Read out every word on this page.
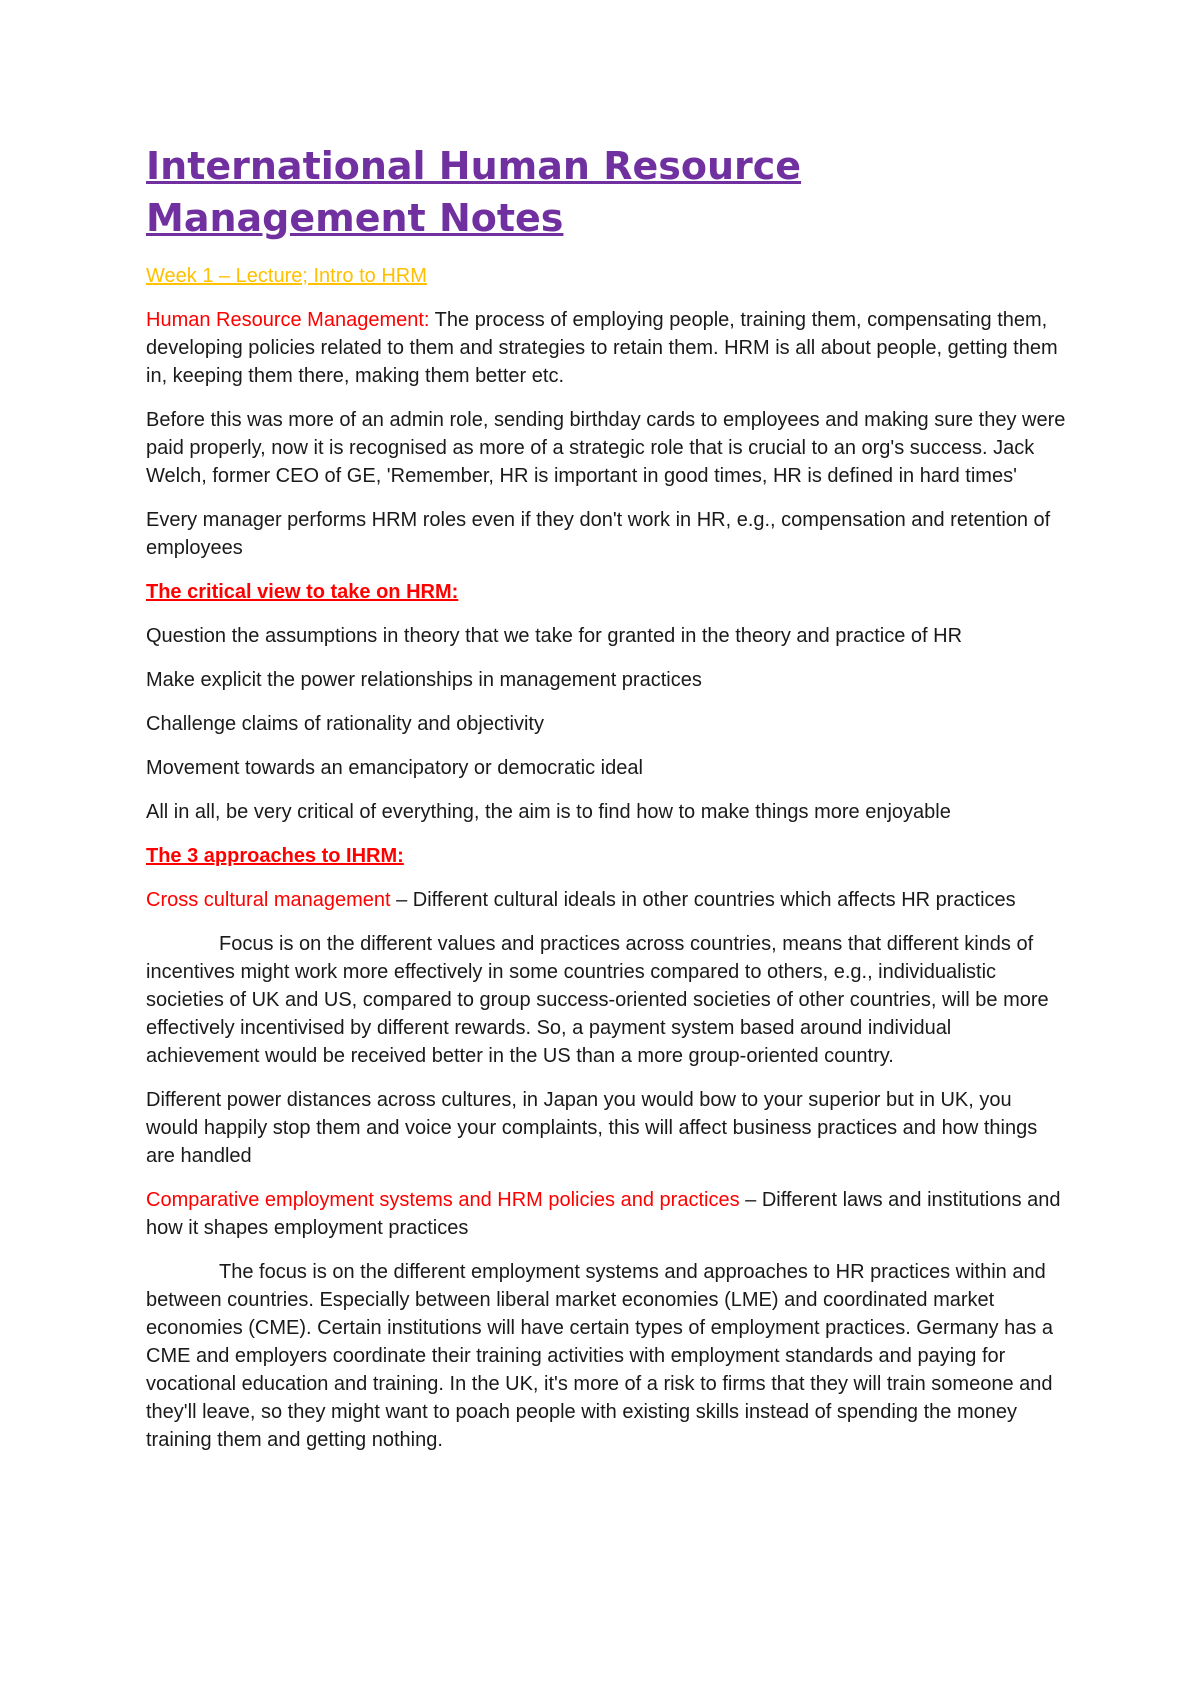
International Human Resource Management Notes

Week 1 – Lecture; Intro to HRM

Human Resource Management: The process of employing people, training them, compensating them, developing policies related to them and strategies to retain them. HRM is all about people, getting them in, keeping them there, making them better etc.

Before this was more of an admin role, sending birthday cards to employees and making sure they were paid properly, now it is recognised as more of a strategic role that is crucial to an org's success. Jack Welch, former CEO of GE, 'Remember, HR is important in good times, HR is defined in hard times'

Every manager performs HRM roles even if they don't work in HR, e.g., compensation and retention of employees

The critical view to take on HRM:

Question the assumptions in theory that we take for granted in the theory and practice of HR

Make explicit the power relationships in management practices

Challenge claims of rationality and objectivity

Movement towards an emancipatory or democratic ideal

All in all, be very critical of everything, the aim is to find how to make things more enjoyable

The 3 approaches to IHRM:

Cross cultural management – Different cultural ideals in other countries which affects HR practices

Focus is on the different values and practices across countries, means that different kinds of incentives might work more effectively in some countries compared to others, e.g., individualistic societies of UK and US, compared to group success-oriented societies of other countries, will be more effectively incentivised by different rewards. So, a payment system based around individual achievement would be received better in the US than a more group-oriented country.

Different power distances across cultures, in Japan you would bow to your superior but in UK, you would happily stop them and voice your complaints, this will affect business practices and how things are handled

Comparative employment systems and HRM policies and practices – Different laws and institutions and how it shapes employment practices

The focus is on the different employment systems and approaches to HR practices within and between countries. Especially between liberal market economies (LME) and coordinated market economies (CME). Certain institutions will have certain types of employment practices. Germany has a CME and employers coordinate their training activities with employment standards and paying for vocational education and training. In the UK, it's more of a risk to firms that they will train someone and they'll leave, so they might want to poach people with existing skills instead of spending the money training them and getting nothing.
